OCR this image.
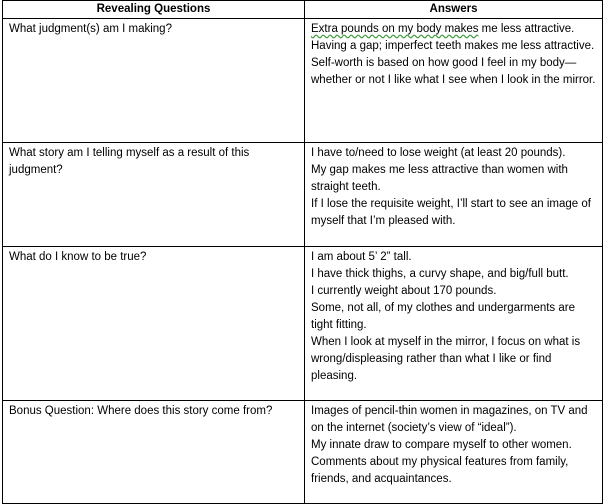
Revealing Questions	Answers

What judgment(s) am I making?	Extra pounds on my body makes me less attractive.
Having a gap; imperfect teeth makes me less attractive.
Self-worth is based on how good I feel in my body—whether or not I like what I see when I look in the mirror.

What story am I telling myself as a result of this judgment?	I have to/need to lose weight (at least 20 pounds).
My gap makes me less attractive than women with straight teeth.
If I lose the requisite weight, I’ll start to see an image of myself that I’m pleased with.

What do I know to be true?	I am about 5’ 2” tall.
I have thick thighs, a curvy shape, and big/full butt.
I currently weight about 170 pounds.
Some, not all, of my clothes and undergarments are tight fitting.
When I look at myself in the mirror, I focus on what is wrong/displeasing rather than what I like or find pleasing.

Bonus Question: Where does this story come from?	Images of pencil-thin women in magazines, on TV and on the internet (society’s view of “ideal”).
My innate draw to compare myself to other women.
Comments about my physical features from family, friends, and acquaintances.
